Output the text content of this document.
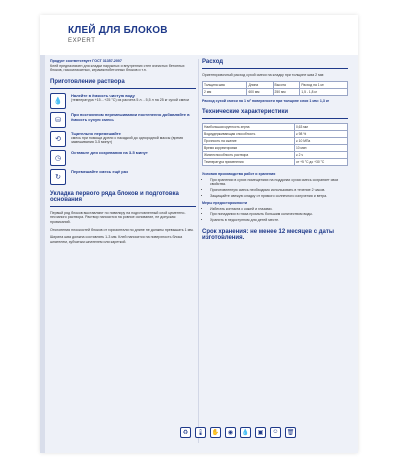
КЛЕЙ ДЛЯ БЛОКОВ
EXPERT
Продукт соответствует ГОСТ 31357-2007
Клей предназначен для кладки наружных и внутренних стен ячеистых бетонных блоков, газосиликатных, керамзитобетонных блоков и т.п.
Приготовление раствора
💧
Налейте в ёмкость чистую воду
(температура +15…+25 °C) из расчета 5 л. - 5,5 л на 25 кг сухой смеси
⛁
При постоянном перемешивании постепенно добавляйте в ёмкость сухую смесь
⟲
Тщательно перемешайте
смесь при помощи дрели с насадкой до однородной массы (время замешивания 3-5 минут)
◷
Оставьте для созревания на 3-5 минут
↻
Перемешайте смесь ещё раз
Укладка первого ряда блоков и подготовка основания
Первый ряд блоков выставляют по нивелиру на подготовленный слой цементно-песчаного раствора. Раствор наносится на ровное основание, не допуская провисаний.
Отклонения плоскостей блоков от горизонтали по длине не должны превышать 1 мм.
Ширина шва должна составлять 1-3 мм. Клей наносится на поверхность блока шпателем, зубчатым шпателем или кареткой.
Расход
Ориентировочный расход сухой смеси на кладку при толщине шва 2 мм:
Толщина шва	Длина	Высота	Расход на 1 м²
2 мм	600 мм	250 мм	1,5 - 1,8 кг
Расход сухой смеси на 1 м² поверхности при толщине слоя 1 мм: 1,3 кг
Технические характеристики
Наибольшая крупность зерна	0,63 мм
Водоудерживающая способность	≥ 98 %
Прочность на сжатие	≥ 10 МПа
Время корректировки	10 мин
Жизнеспособность раствора	≥ 2 ч
Температура применения	от +5 °C до +30 °C
Условия производства работ и хранения
• При хранении в сухих помещениях на поддонах сухая смесь сохраняет свои свойства.
• Приготовленную смесь необходимо использовать в течение 2 часов.
• Защищайте свежую кладку от прямого солнечного излучения и ветра.
Меры предосторожности
• Избегать контакта с кожей и глазами.
• При попадании в глаза промыть большим количеством воды.
• Хранить в недоступном для детей месте.
Срок хранения: не менее 12 месяцев с даты изготовления.
♻	🌡 ✋	◉	💧	▣	☺	🗑
